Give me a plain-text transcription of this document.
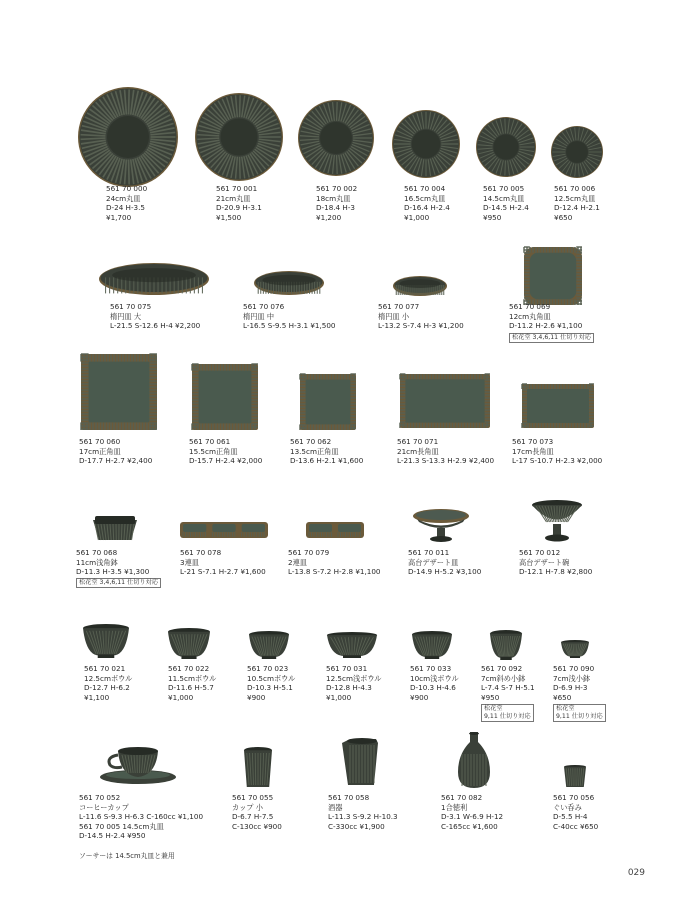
561 70 000
24cm丸皿
D-24 H-3.5
¥1,700
561 70 001
21cm丸皿
D-20.9 H-3.1
¥1,500
561 70 002
18cm丸皿
D-18.4 H-3
¥1,200
561 70 004
16.5cm丸皿
D-16.4 H-2.4
¥1,000
561 70 005
14.5cm丸皿
D-14.5 H-2.4
¥950
561 70 006
12.5cm丸皿
D-12.4 H-2.1
¥650
561 70 075
楕円皿 大
L-21.5 S-12.6 H-4 ¥2,200
561 70 076
楕円皿 中
L-16.5 S-9.5 H-3.1 ¥1,500
561 70 077
楕円皿 小
L-13.2 S-7.4 H-3 ¥1,200
561 70 069
12cm丸角皿
D-11.2 H-2.6 ¥1,100
松花堂 3,4,6,11 仕切り対応
561 70 060
17cm正角皿
D-17.7 H-2.7 ¥2,400
561 70 061
15.5cm正角皿
D-15.7 H-2.4 ¥2,000
561 70 062
13.5cm正角皿
D-13.6 H-2.1 ¥1,600
561 70 071
21cm長角皿
L-21.3 S-13.3 H-2.9 ¥2,400
561 70 073
17cm長角皿
L-17 S-10.7 H-2.3 ¥2,000
561 70 068
11cm浅角鉢
D-11.3 H-3.5 ¥1,300
松花堂 3,4,6,11 仕切り対応
561 70 078
3連皿
L-21 S-7.1 H-2.7 ¥1,600
561 70 079
2連皿
L-13.8 S-7.2 H-2.8 ¥1,100
561 70 011
高台デザート皿
D-14.9 H-5.2 ¥3,100
561 70 012
高台デザート碗
D-12.1 H-7.8 ¥2,800
561 70 021
12.5cmボウル
D-12.7 H-6.2
¥1,100
561 70 022
11.5cmボウル
D-11.6 H-5.7
¥1,000
561 70 023
10.5cmボウル
D-10.3 H-5.1
¥900
561 70 031
12.5cm浅ボウル
D-12.8 H-4.3
¥1,000
561 70 033
10cm浅ボウル
D-10.3 H-4.6
¥900
561 70 092
7cm斜め小鉢
L-7.4 S-7 H-5.1
¥950
松花堂
9,11 仕切り対応
561 70 090
7cm浅小鉢
D-6.9 H-3
¥650
松花堂
9,11 仕切り対応
561 70 052
コーヒーカップ
L-11.6 S-9.3 H-6.3 C-160cc ¥1,100
561 70 005 14.5cm丸皿
D-14.5 H-2.4 ¥950
ソーサーは 14.5cm丸皿と兼用
561 70 055
カップ 小
D-6.7 H-7.5
C-130cc ¥900
561 70 058
酒器
L-11.3 S-9.2 H-10.3
C-330cc ¥1,900
561 70 082
1合徳利
D-3.1 W-6.9 H-12
C-165cc ¥1,600
561 70 056
ぐい呑み
D-5.5 H-4
C-40cc ¥650
029
